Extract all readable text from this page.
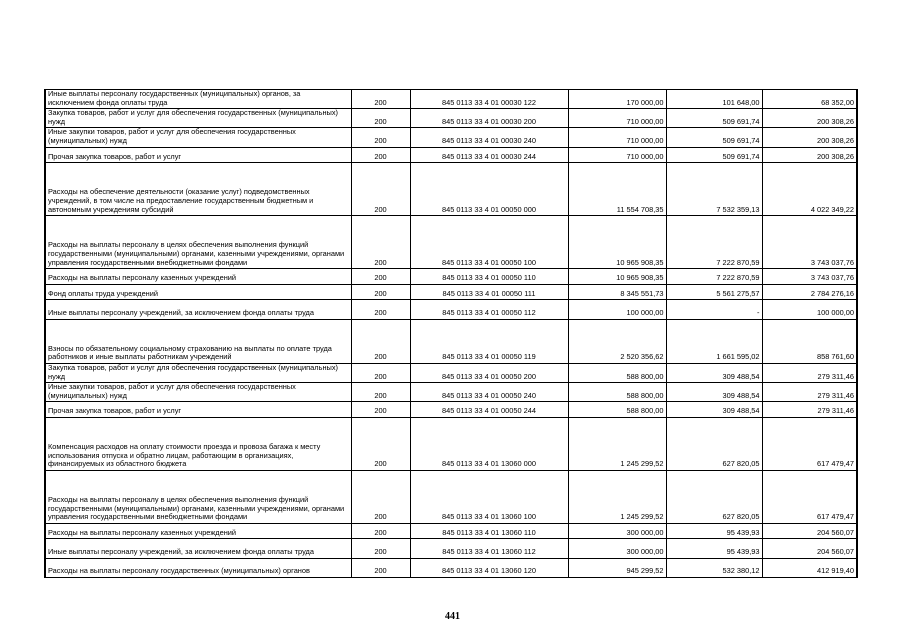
Иные выплаты персоналу государственных (муниципальных) органов, за исключением фонда оплаты труда	200	845 0113 33 4 01 00030 122	170 000,00	101 648,00	68 352,00
Закупка товаров, работ и услуг для обеспечения государственных (муниципальных) нужд	200	845 0113 33 4 01 00030 200	710 000,00	509 691,74	200 308,26
Иные закупки товаров, работ и услуг для обеспечения государственных (муниципальных) нужд	200	845 0113 33 4 01 00030 240	710 000,00	509 691,74	200 308,26
Прочая закупка товаров, работ и услуг	200	845 0113 33 4 01 00030 244	710 000,00	509 691,74	200 308,26
Расходы на обеспечение деятельности (оказание услуг) подведомственных учреждений, в том числе на предоставление государственным бюджетным и автономным учреждениям субсидий	200	845 0113 33 4 01 00050 000	11 554 708,35	7 532 359,13	4 022 349,22
Расходы на выплаты персоналу в целях обеспечения выполнения функций государственными (муниципальными) органами, казенными учреждениями, органами управления государственными внебюджетными фондами	200	845 0113 33 4 01 00050 100	10 965 908,35	7 222 870,59	3 743 037,76
Расходы на выплаты персоналу казенных учреждений	200	845 0113 33 4 01 00050 110	10 965 908,35	7 222 870,59	3 743 037,76
Фонд оплаты труда учреждений	200	845 0113 33 4 01 00050 111	8 345 551,73	5 561 275,57	2 784 276,16
Иные выплаты персоналу учреждений, за исключением фонда оплаты труда	200	845 0113 33 4 01 00050 112	100 000,00	-	100 000,00
Взносы по обязательному социальному страхованию на выплаты по оплате труда работников и иные выплаты работникам учреждений	200	845 0113 33 4 01 00050 119	2 520 356,62	1 661 595,02	858 761,60
Закупка товаров, работ и услуг для обеспечения государственных (муниципальных) нужд	200	845 0113 33 4 01 00050 200	588 800,00	309 488,54	279 311,46
Иные закупки товаров, работ и услуг для обеспечения государственных (муниципальных) нужд	200	845 0113 33 4 01 00050 240	588 800,00	309 488,54	279 311,46
Прочая закупка товаров, работ и услуг	200	845 0113 33 4 01 00050 244	588 800,00	309 488,54	279 311,46
Компенсация расходов на оплату стоимости проезда и провоза багажа к месту использования отпуска и обратно лицам, работающим в организациях, финансируемых из областного бюджета	200	845 0113 33 4 01 13060 000	1 245 299,52	627 820,05	617 479,47
Расходы на выплаты персоналу в целях обеспечения выполнения функций государственными (муниципальными) органами, казенными учреждениями, органами управления государственными внебюджетными фондами	200	845 0113 33 4 01 13060 100	1 245 299,52	627 820,05	617 479,47
Расходы на выплаты персоналу казенных учреждений	200	845 0113 33 4 01 13060 110	300 000,00	95 439,93	204 560,07
Иные выплаты персоналу учреждений, за исключением фонда оплаты труда	200	845 0113 33 4 01 13060 112	300 000,00	95 439,93	204 560,07
Расходы на выплаты персоналу государственных (муниципальных) органов	200	845 0113 33 4 01 13060 120	945 299,52	532 380,12	412 919,40
441
